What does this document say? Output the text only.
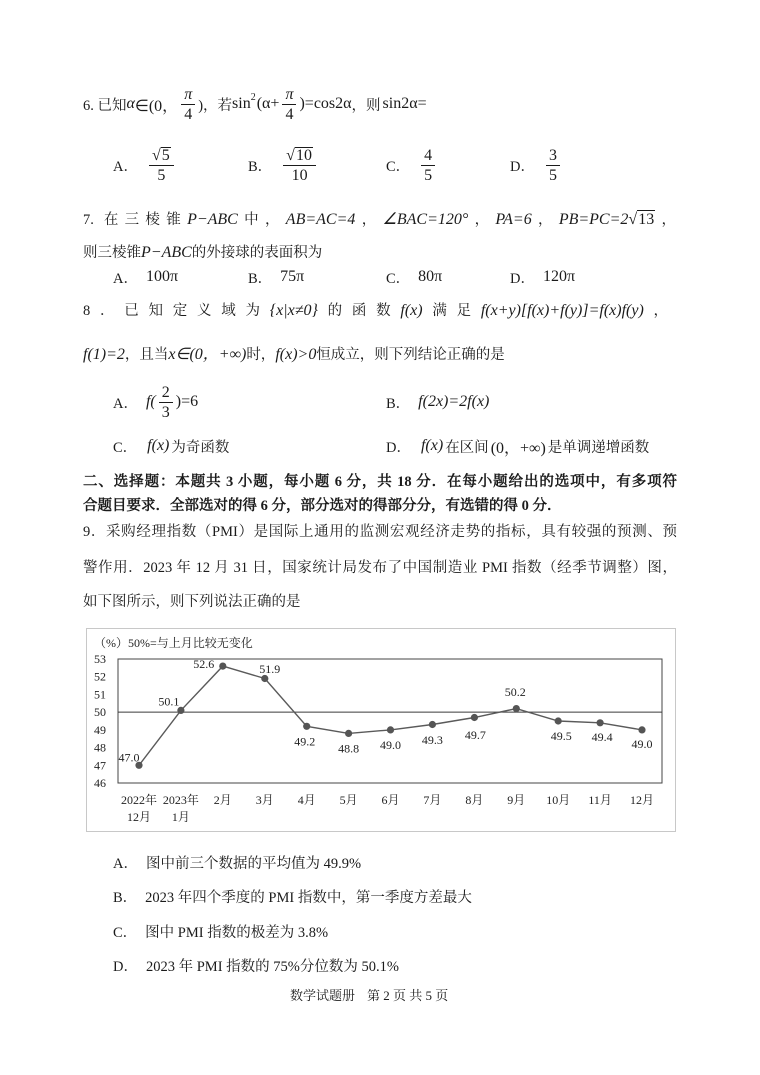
6. 已知 α ∈(0， $\frac{\pi}{4}$ )，若 sin 2 $(\alpha+ \frac{\pi}{4} )=\cos 2\alpha$ ，则 sin2α=
A． $\frac{√ 5}{5}$	B． $\frac{√ 10}{10}$	C． $\frac{4}{5}$	D． $\frac{3}{5}$
7. 在三棱锥P−ABC中，AB=AC=4，∠BAC=120°，PA=6，PB=PC=2√13，
则三棱锥P−ABC的外接球的表面积为
A． 100π	B． 75π	C． 80π	D． 120π
8．已知定义域为{x|x≠0}的函数f(x)满足f(x+y)[f(x)+f(y)]=f(x)f(y)，
f(1)=2，且当x∈(0，+∞)时，f(x)>0恒成立，则下列结论正确的是
A． $f( \frac{2}{3} )=6$	B． f(2x)=2f(x)
C． f(x) 为奇函数	D． f(x) 在区间 (0，+∞) 是单调递增函数
二、选择题：本题共 3 小题，每小题 6 分，共 18 分．在每小题给出的选项中，有多项符
合题目要求．全部选对的得 6 分，部分选对的得部分分，有选错的得 0 分．
9．采购经理指数（PMI）是国际上通用的监测宏观经济走势的指标，具有较强的预测、预
警作用．2023 年 12 月 31 日，国家统计局发布了中国制造业 PMI 指数（经季节调整）图，
如下图所示，则下列说法正确的是
（%）50%=与上月比较无变化
46
47
48
49
50
51
52
53
47.0
50.1
52.6	51.9
49.2
48.8 49.0 49.3 49.7
50.2
49.5 49.4
49.0
2022年
12月
2023年
1月
2月 3月 4月 5月 6月 7月 8月 9月 10月 11月 12月
A． 图中前三个数据的平均值为 49.9%
B． 2023 年四个季度的 PMI 指数中，第一季度方差最大
C． 图中 PMI 指数的极差为 3.8%
D． 2023 年 PMI 指数的 75%分位数为 50.1%
数学试题册 第 2 页 共 5 页
